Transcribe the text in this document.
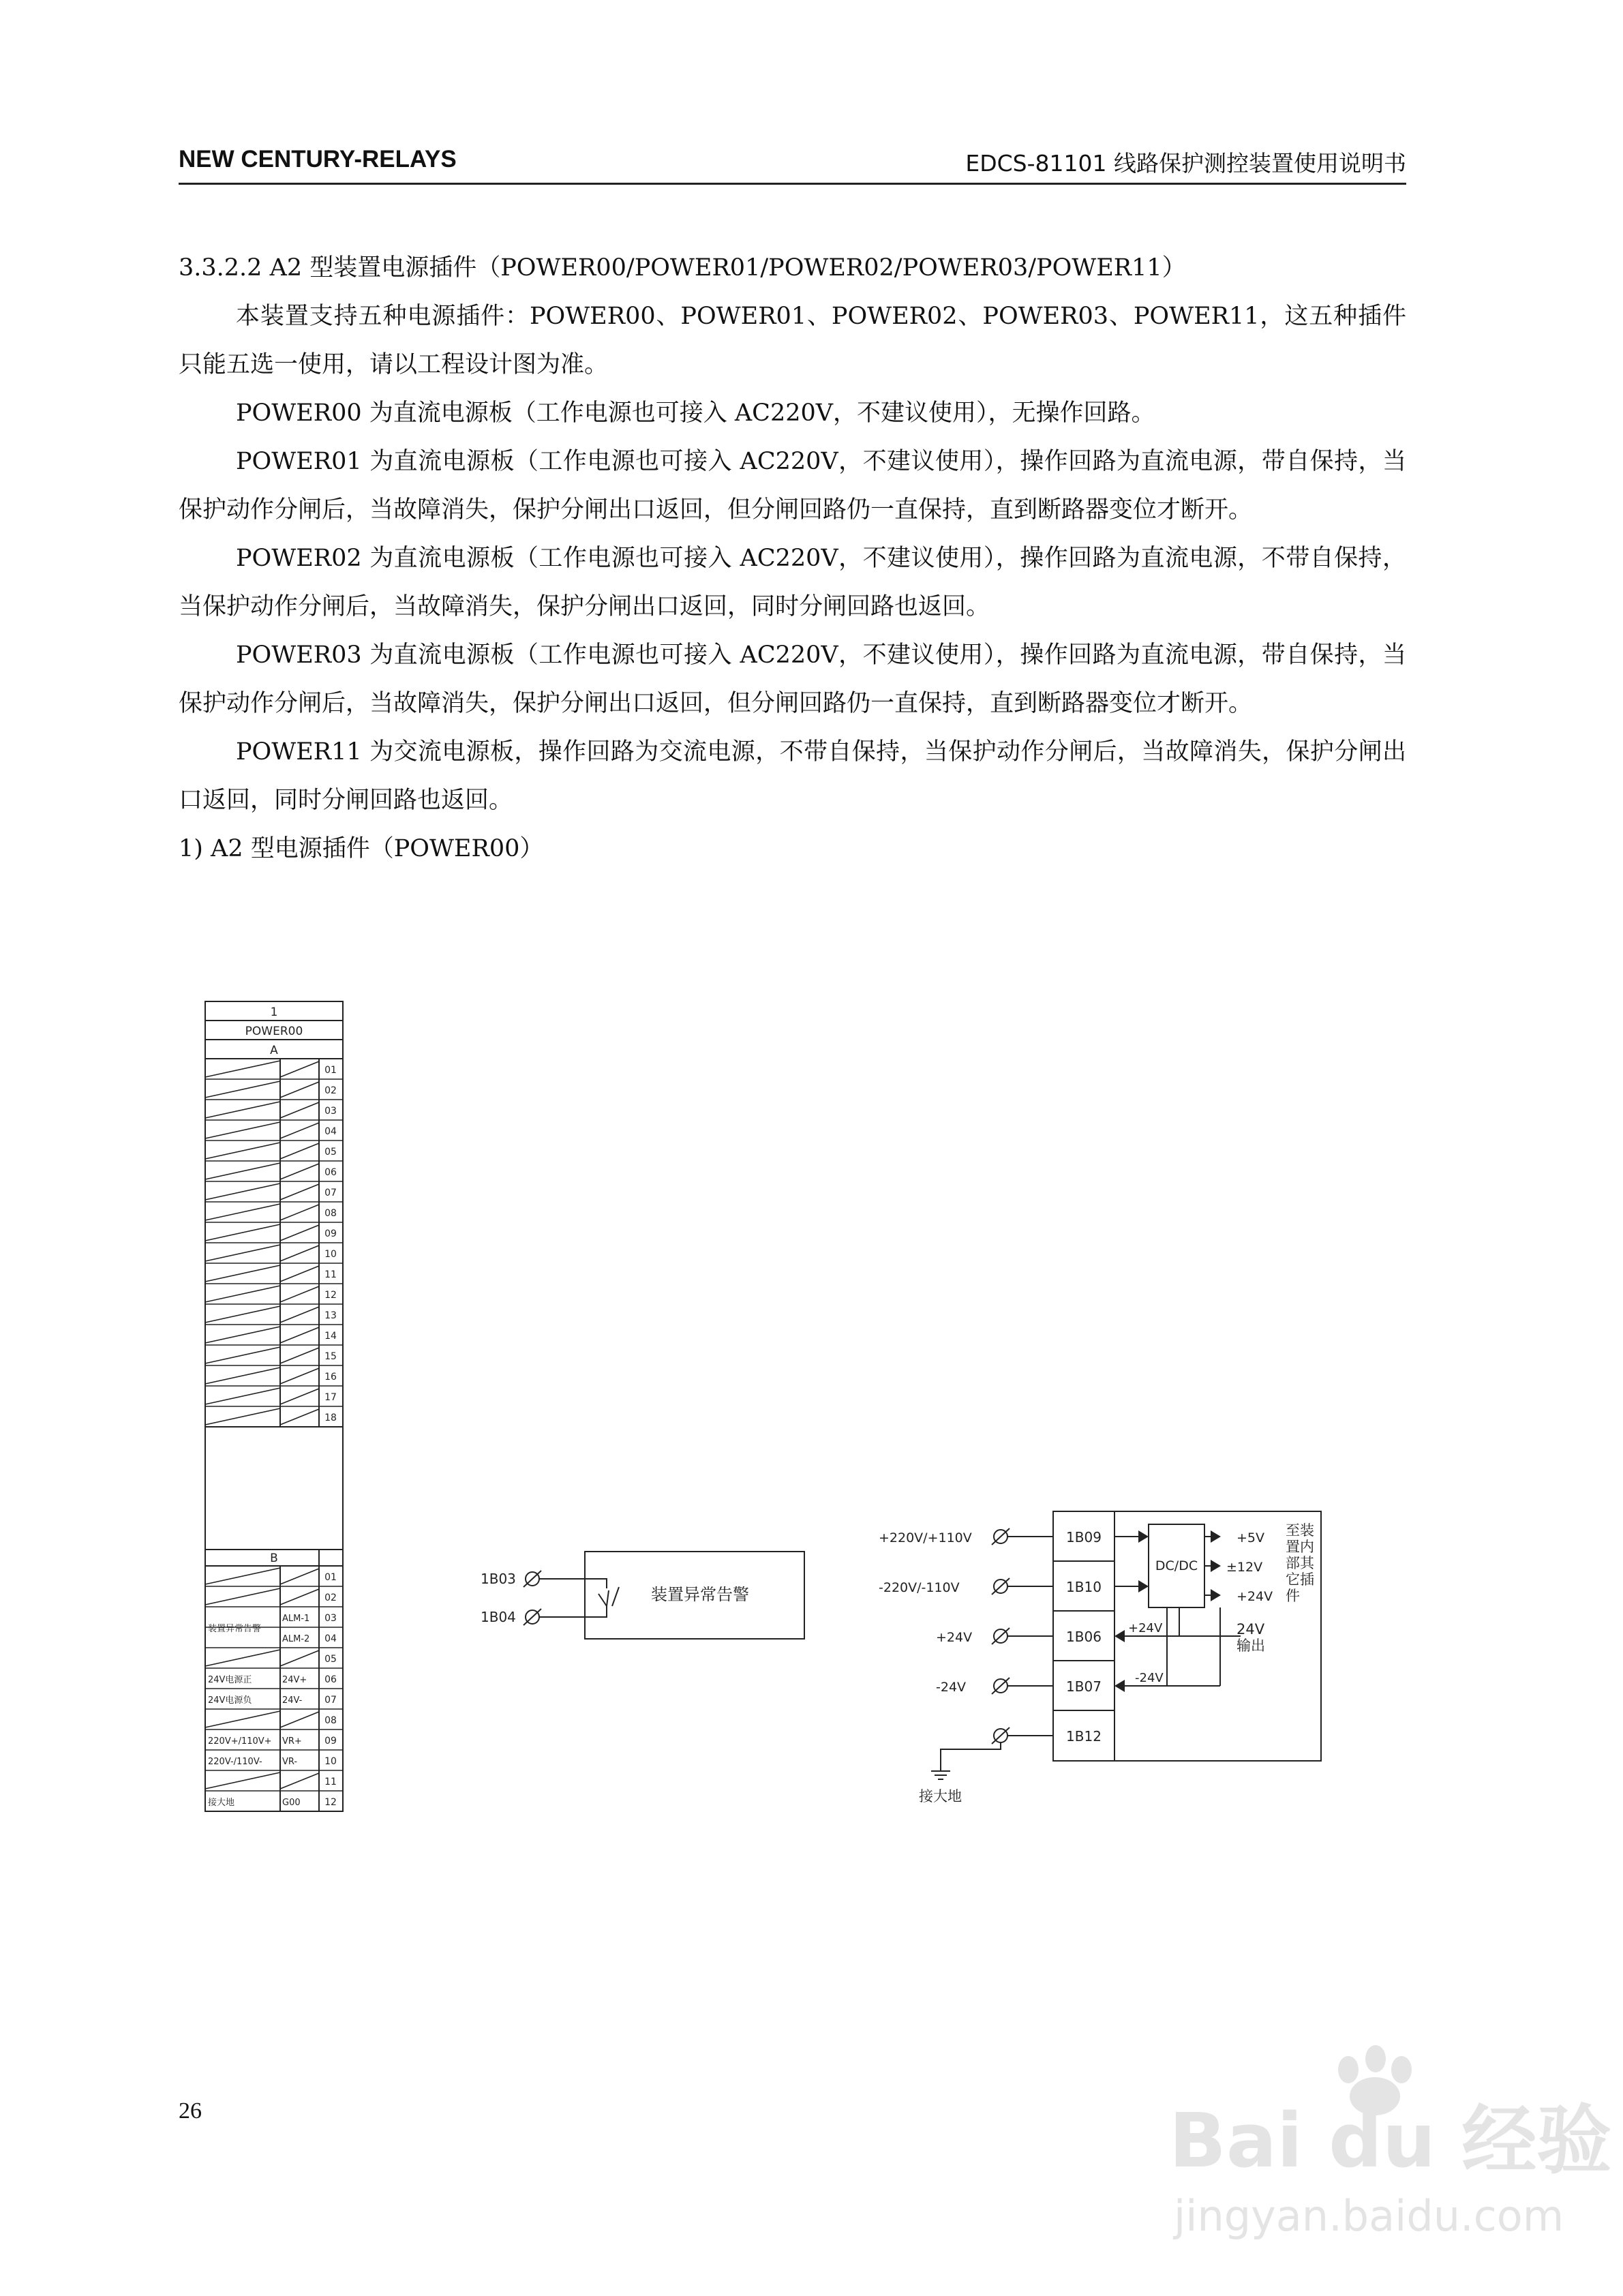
NEW CENTURY-RELAYS	EDCS-81101 线路保护测控装置使用说明书

3.3.2.2 A2 型装置电源插件（POWER00/POWER01/POWER02/POWER03/POWER11）

本装置支持五种电源插件：POWER00、POWER01、POWER02、POWER03、POWER11，这五种插件只能五选一使用，请以工程设计图为准。

POWER00 为直流电源板（工作电源也可接入 AC220V，不建议使用），无操作回路。

POWER01 为直流电源板（工作电源也可接入 AC220V，不建议使用），操作回路为直流电源，带自保持，当保护动作分闸后，当故障消失，保护分闸出口返回，但分闸回路仍一直保持，直到断路器变位才断开。

POWER02 为直流电源板（工作电源也可接入 AC220V，不建议使用），操作回路为直流电源，不带自保持，当保护动作分闸后，当故障消失，保护分闸出口返回，同时分闸回路也返回。

POWER03 为直流电源板（工作电源也可接入 AC220V，不建议使用），操作回路为直流电源，带自保持，当保护动作分闸后，当故障消失，保护分闸出口返回，但分闸回路仍一直保持，直到断路器变位才断开。

POWER11 为交流电源板，操作回路为交流电源，不带自保持，当保护动作分闸后，当故障消失，保护分闸出口返回，同时分闸回路也返回。

1) A2 型电源插件（POWER00）

1
POWER00
A
B
01
02
03
04
05
06
07
08
09
10
11
12
13
14
15
16
17
18
01
02
03
ALM-1
装置异常告警
04
ALM-2
05
06
24V+
24V电源正
07
24V-
24V电源负
08
09
VR+
220V+/110V+
10
VR-
220V-/110V-
11
12
G00
接大地
1B03
1B04
装置异常告警
+220V/+110V
-220V/-110V
+24V
-24V
1B09
1B10
1B06
1B07
1B12
DC/DC
+5V
±12V
+24V
至装 置内 部其 它插 件
+24V
-24V
24V 输出
接大地
Bai du 经验
jingyan.baidu.com
26
